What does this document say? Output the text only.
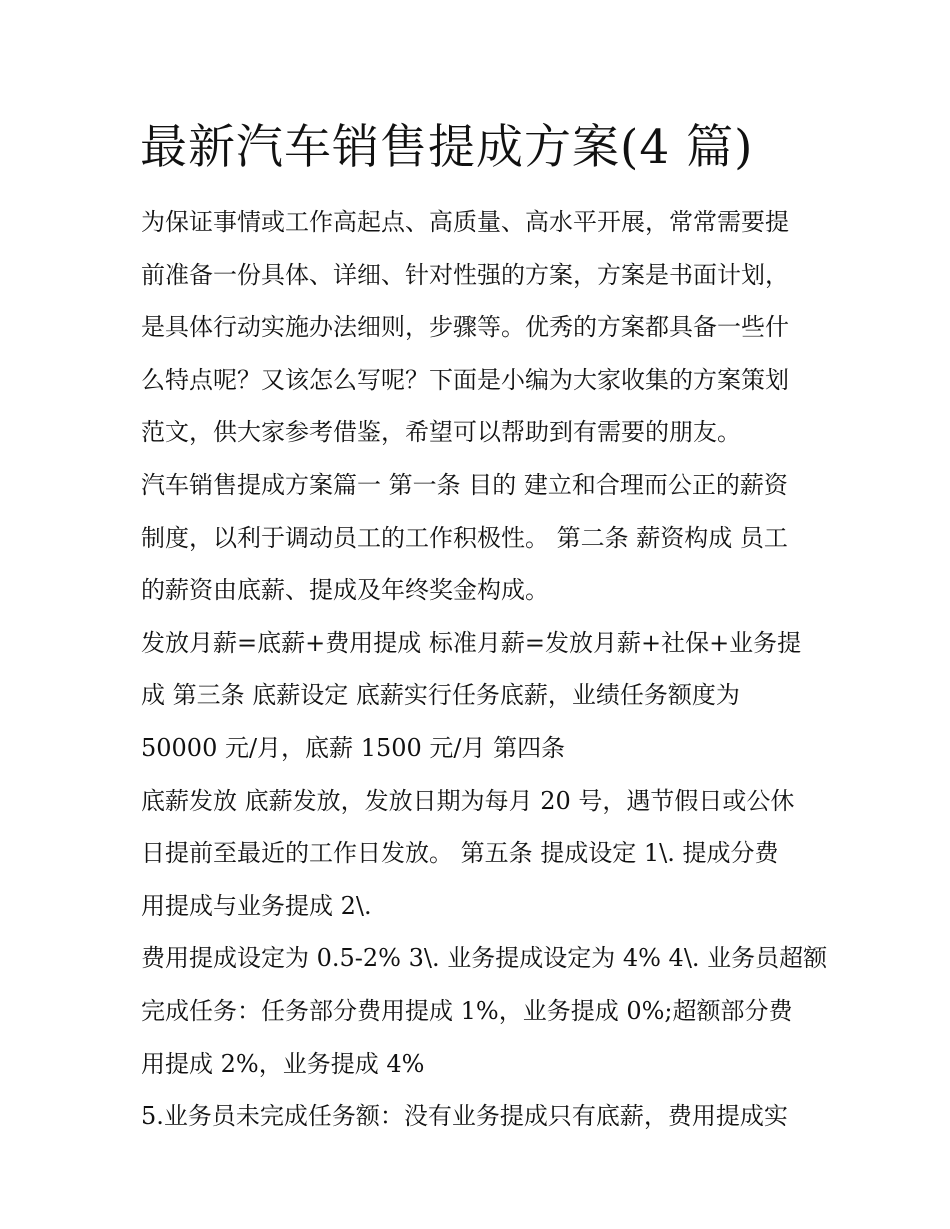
最新汽车销售提成方案(4 篇)

为保证事情或工作高起点、高质量、高水平开展，常常需要提
前准备一份具体、详细、针对性强的方案，方案是书面计划，
是具体行动实施办法细则，步骤等。优秀的方案都具备一些什
么特点呢？又该怎么写呢？下面是小编为大家收集的方案策划
范文，供大家参考借鉴，希望可以帮助到有需要的朋友。

汽车销售提成方案篇一 第一条 目的 建立和合理而公正的薪资
制度，以利于调动员工的工作积极性。 第二条 薪资构成 员工
的薪资由底薪、提成及年终奖金构成。

发放月薪=底薪+费用提成 标准月薪=发放月薪+社保+业务提
成 第三条 底薪设定 底薪实行任务底薪，业绩任务额度为
50000 元/月，底薪 1500 元/月 第四条

底薪发放 底薪发放，发放日期为每月 20 号，遇节假日或公休
日提前至最近的工作日发放。 第五条 提成设定 1\. 提成分费
用提成与业务提成 2\.

费用提成设定为 0.5-2% 3\. 业务提成设定为 4% 4\. 业务员超额
完成任务：任务部分费用提成 1%，业务提成 0%;超额部分费
用提成 2%，业务提成 4%

5.业务员未完成任务额：没有业务提成只有底薪，费用提成实
